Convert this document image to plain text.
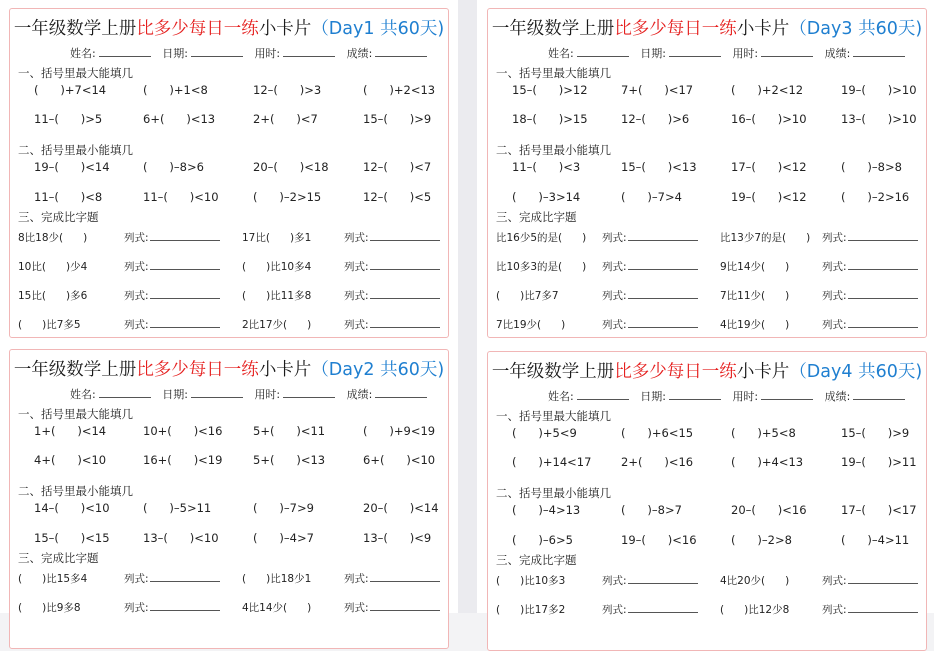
一年级数学上册比多少每日一练小卡片（Day1 共60天)
姓名:	日期:	用时:	成绩:
一、括号里最大能填几
(      )+7<14	(      )+1<8	12–(      )>3	(      )+2<13
11–(      )>5	6+(      )<13	2+(      )<7	15–(      )>9
二、括号里最小能填几
19–(      )<14	(      )–8>6	20–(      )<18	12–(      )<7
11–(      )<8	11–(      )<10	(      )–2>15	12–(      )<5
三、完成比字题
8比18少(      )	列式:	17比(      )多1	列式:
10比(      )少4	列式:	(      )比10多4	列式:
15比(      )多6	列式:	(      )比11多8	列式:
(      )比7多5	列式:	2比17少(      )	列式:
一年级数学上册比多少每日一练小卡片（Day3 共60天)
姓名:	日期:	用时:	成绩:
一、括号里最大能填几
15–(      )>12	7+(      )<17	(      )+2<12	19–(      )>10
18–(      )>15	12–(      )>6	16–(      )>10	13–(      )>10
二、括号里最小能填几
11–(      )<3	15–(      )<13	17–(      )<12	(      )–8>8
(      )–3>14	(      )–7>4	19–(      )<12	(      )–2>16
三、完成比字题
比16少5的是(      ) 列式:	比13少7的是(      ) 列式:
比10多3的是(      ) 列式:	9比14少(      )	列式:
(      )比7多7	列式:	7比11少(      )	列式:
7比19少(      )	列式:	4比19少(      )	列式:
一年级数学上册比多少每日一练小卡片（Day2 共60天)
姓名:	日期:	用时:	成绩:
一、括号里最大能填几
1+(      )<14	10+(      )<16	5+(      )<11	(      )+9<19
4+(      )<10	16+(      )<19	5+(      )<13	6+(      )<10
二、括号里最小能填几
14–(      )<10	(      )–5>11	(      )–7>9	20–(      )<14
15–(      )<15	13–(      )<10	(      )–4>7	13–(      )<9
三、完成比字题
(      )比15多4	列式:	(      )比18少1	列式:
(      )比9多8	列式:	4比14少(      )	列式:
一年级数学上册比多少每日一练小卡片（Day4 共60天)
姓名:	日期:	用时:	成绩:
一、括号里最大能填几
(      )+5<9	(      )+6<15	(      )+5<8	15–(      )>9
(      )+14<17	2+(      )<16	(      )+4<13	19–(      )>11
二、括号里最小能填几
(      )–4>13	(      )–8>7	20–(      )<16	17–(      )<17
(      )–6>5	19–(      )<16	(      )–2>8	(      )–4>11
三、完成比字题
(      )比10多3	列式:	4比20少(      )	列式:
(      )比17多2	列式:	(      )比12少8	列式:
